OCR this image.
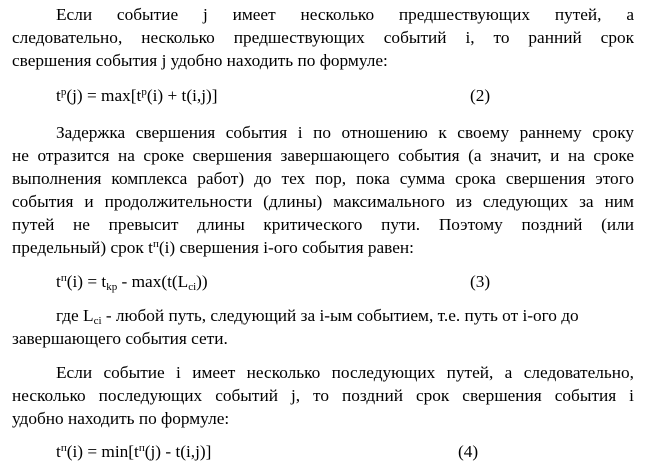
Если событие j имеет несколько предшествующих путей, а
следовательно, несколько предшествующих событий i, то ранний срок
свершения события j удобно находить по формуле:
$t^p(j) = \max[t^p(i) + t(i,j)]$	(2)
Задержка свершения события i по отношению к своему раннему сроку
не отразится на сроке свершения завершающего события (а значит, и на сроке
выполнения комплекса работ) до тех пор, пока сумма срока свершения этого
события и продолжительности (длины) максимального из следующих за ним
путей не превысит длины критического пути. Поэтому поздний (или
предельный) срок $t^п(i)$ свершения i-ого события равен:
$t^п(i) = t_{kp} - \max(t(L_{ci}))$	(3)
где $L_{ci}$ - любой путь, следующий за i-ым событием, т.е. путь от i-ого до
завершающего события сети.
Если событие i имеет несколько последующих путей, а следовательно,
несколько последующих событий j, то поздний срок свершения события i
удобно находить по формуле:
$t^п(i) = \min[t^п(j) - t(i,j)]$	(4)
